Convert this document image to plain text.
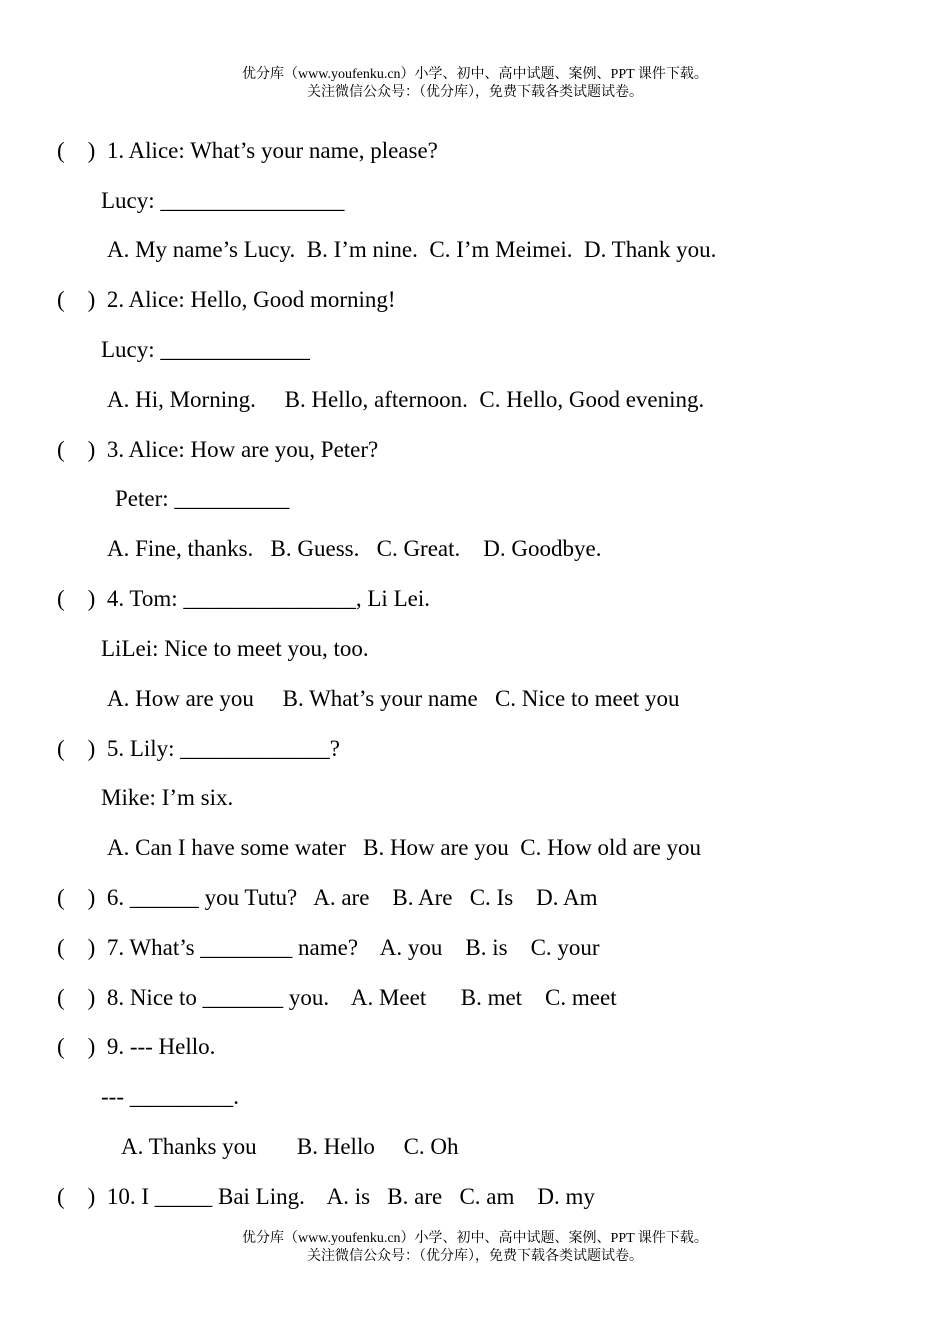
优分库（www.youfenku.cn）小学、初中、高中试题、案例、PPT 课件下载。
关注微信公众号：（优分库），免费下载各类试题试卷。
(    )  1. Alice: What’s your name, please?
Lucy: ________________
A. My name’s Lucy.  B. I’m nine.  C. I’m Meimei.  D. Thank you.
(    )  2. Alice: Hello, Good morning!
Lucy: _____________
A. Hi, Morning.     B. Hello, afternoon.  C. Hello, Good evening.
(    )  3. Alice: How are you, Peter?
Peter: __________
A. Fine, thanks.   B. Guess.   C. Great.    D. Goodbye.
(    )  4. Tom: _______________, Li Lei.
LiLei: Nice to meet you, too.
A. How are you     B. What’s your name   C. Nice to meet you
(    )  5. Lily: _____________?
Mike: I’m six.
A. Can I have some water   B. How are you  C. How old are you
(    )  6. ______ you Tutu?   A. are    B. Are   C. Is    D. Am
(    )  7. What’s ________ name?    A. you    B. is    C. your
(    )  8. Nice to _______ you.    A. Meet      B. met    C. meet
(    )  9. --- Hello.
--- _________.
A. Thanks you       B. Hello     C. Oh
(    )  10. I _____ Bai Ling.    A. is   B. are   C. am    D. my
优分库（www.youfenku.cn）小学、初中、高中试题、案例、PPT 课件下载。
关注微信公众号：（优分库），免费下载各类试题试卷。
